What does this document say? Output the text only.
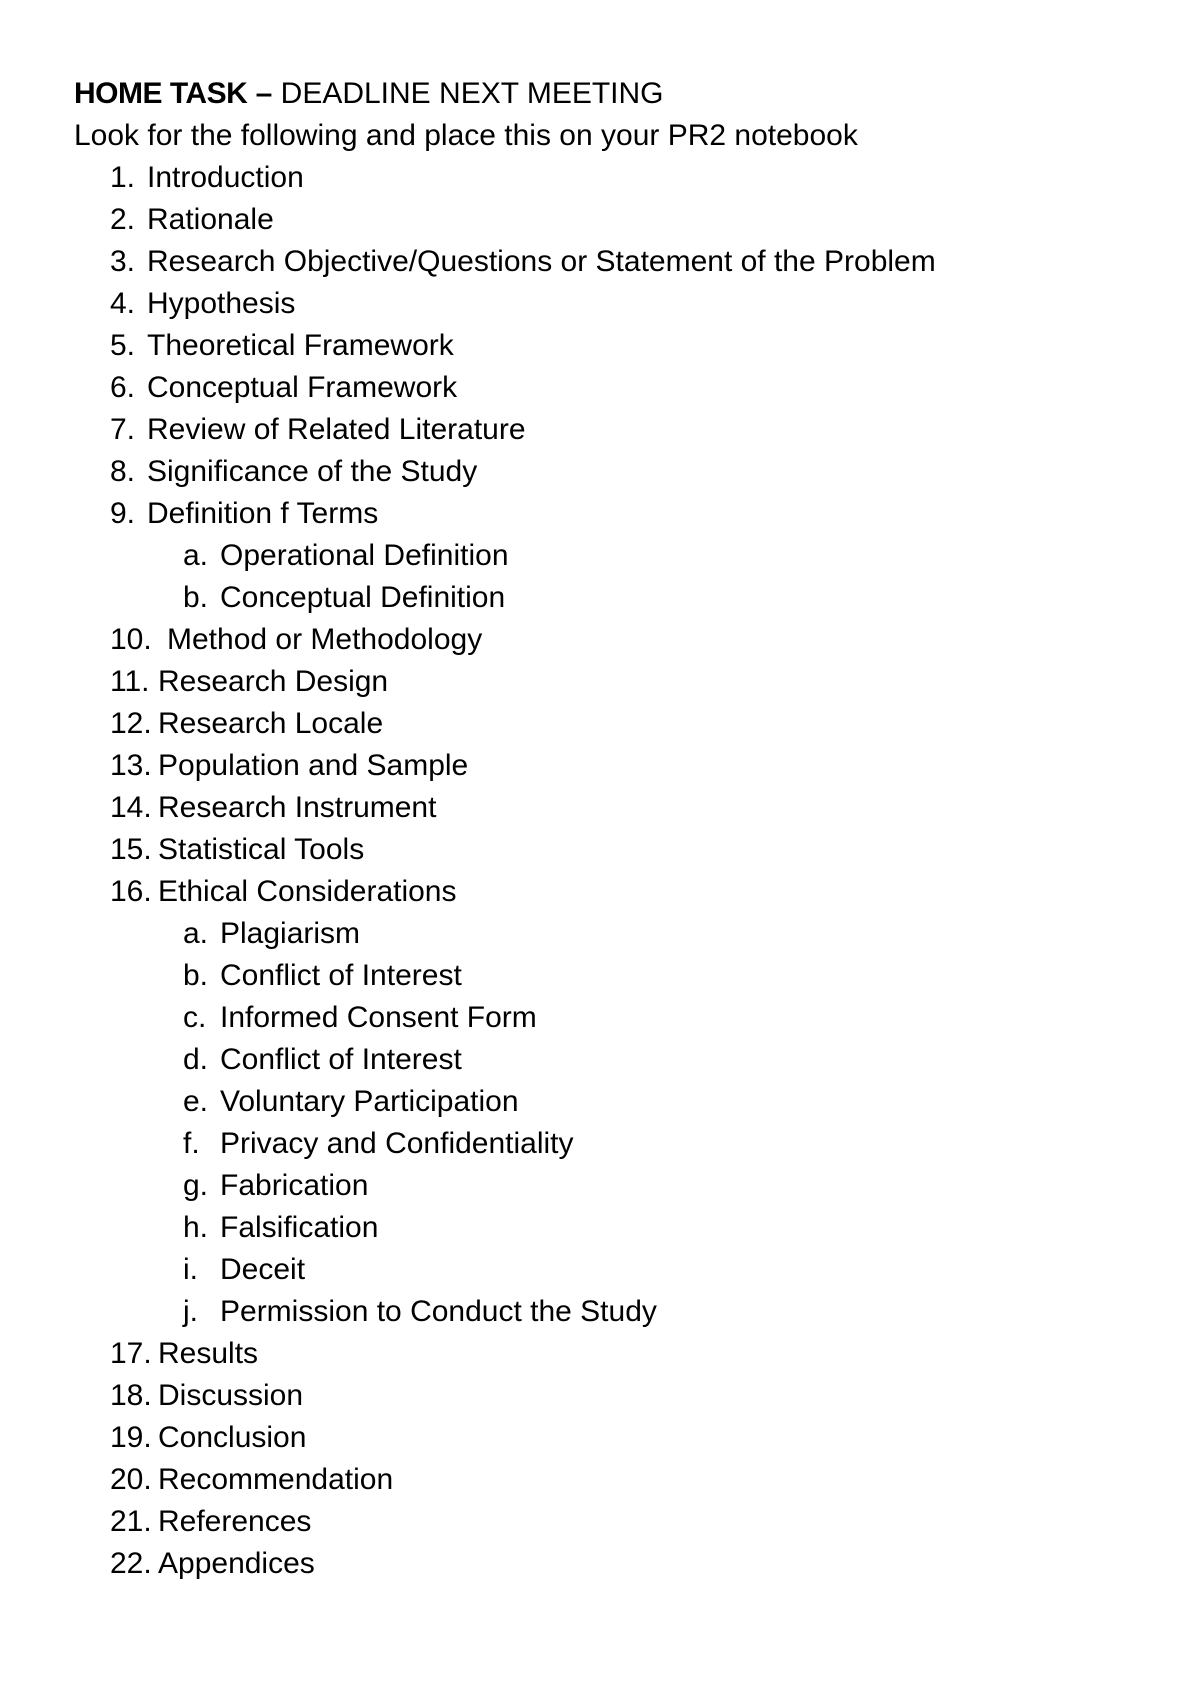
HOME TASK – DEADLINE NEXT MEETING
Look for the following and place this on your PR2 notebook
1. Introduction
2. Rationale
3. Research Objective/Questions or Statement of the Problem
4. Hypothesis
5. Theoretical Framework
6. Conceptual Framework
7. Review of Related Literature
8. Significance of the Study
9. Definition f Terms
a. Operational Definition
b. Conceptual Definition
10. Method or Methodology
11. Research Design
12. Research Locale
13. Population and Sample
14. Research Instrument
15. Statistical Tools
16. Ethical Considerations
a. Plagiarism
b. Conflict of Interest
c. Informed Consent Form
d. Conflict of Interest
e. Voluntary Participation
f. Privacy and Confidentiality
g. Fabrication
h. Falsification
i. Deceit
j. Permission to Conduct the Study
17. Results
18. Discussion
19. Conclusion
20. Recommendation
21. References
22. Appendices
